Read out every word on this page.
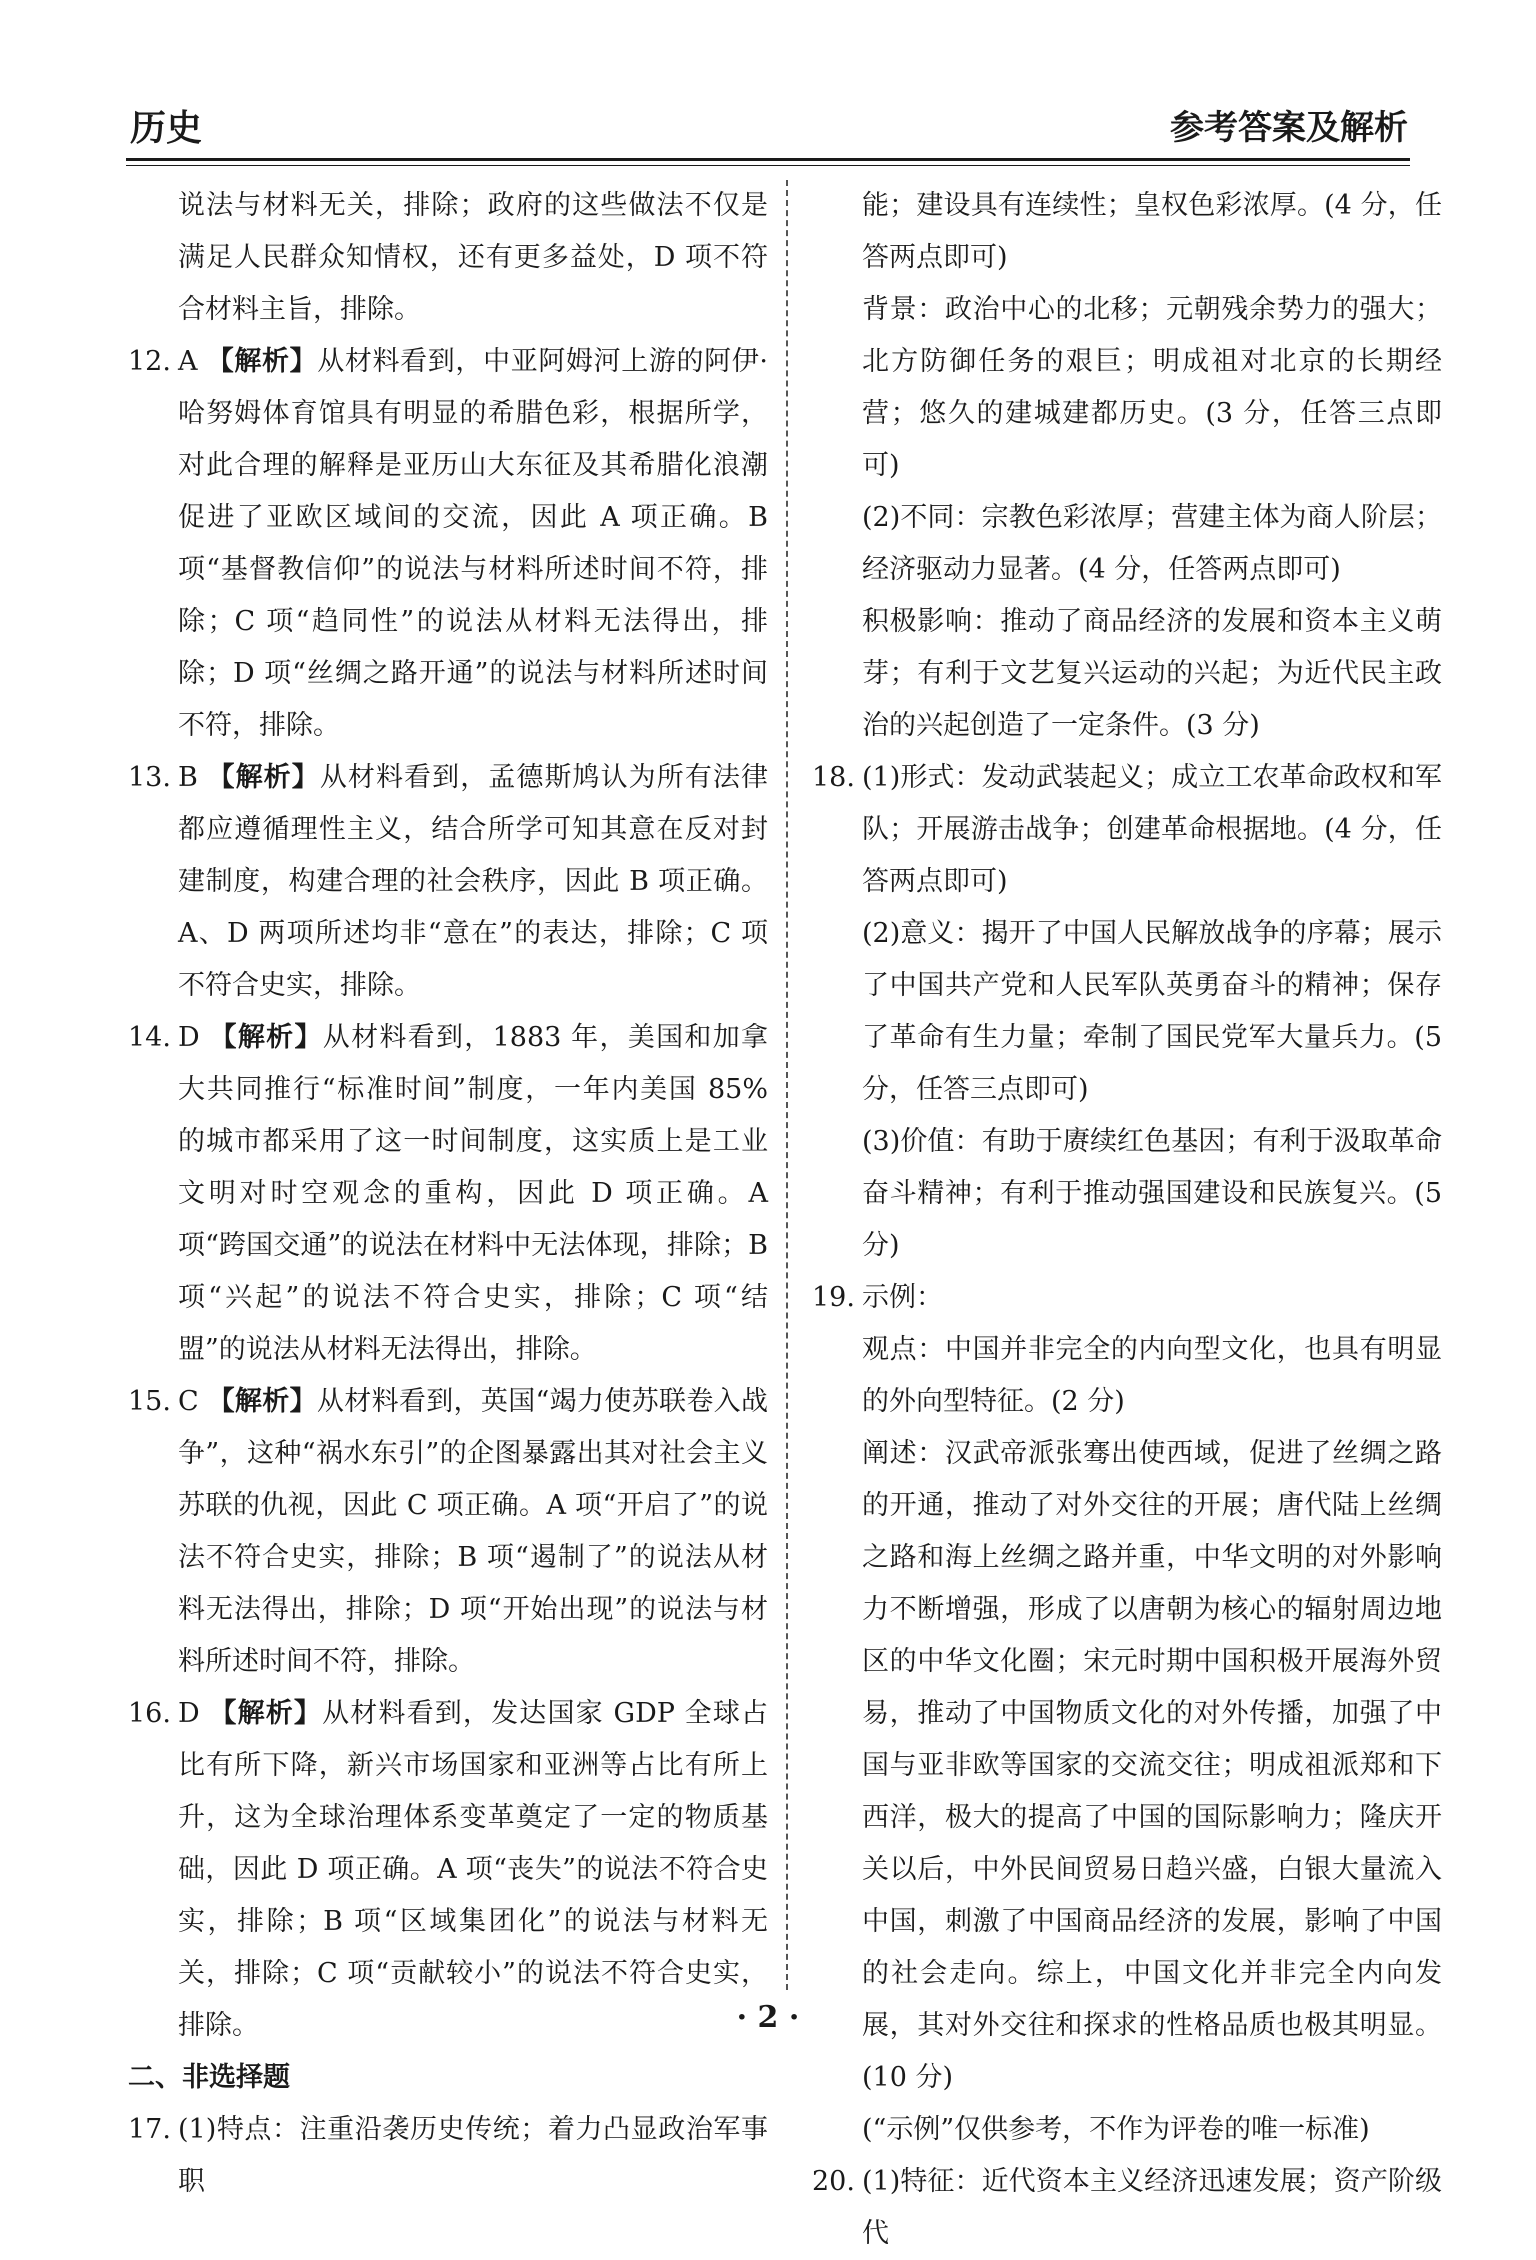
历史	参考答案及解析
说法与材料无关，排除；政府的这些做法不仅是满足人民群众知情权，还有更多益处，D 项不符合材料主旨，排除。
12. A 【解析】从材料看到，中亚阿姆河上游的阿伊·哈努姆体育馆具有明显的希腊色彩，根据所学，对此合理的解释是亚历山大东征及其希腊化浪潮促进了亚欧区域间的交流，因此 A 项正确。B 项“基督教信仰”的说法与材料所述时间不符，排除；C 项“趋同性”的说法从材料无法得出，排除；D 项“丝绸之路开通”的说法与材料所述时间不符，排除。
13. B 【解析】从材料看到，孟德斯鸠认为所有法律都应遵循理性主义，结合所学可知其意在反对封建制度，构建合理的社会秩序，因此 B 项正确。A、D 两项所述均非“意在”的表达，排除；C 项不符合史实，排除。
14. D 【解析】从材料看到，1883 年，美国和加拿大共同推行“标准时间”制度，一年内美国 85% 的城市都采用了这一时间制度，这实质上是工业文明对时空观念的重构，因此 D 项正确。A 项“跨国交通”的说法在材料中无法体现，排除；B 项“兴起”的说法不符合史实，排除；C 项“结盟”的说法从材料无法得出，排除。
15. C 【解析】从材料看到，英国“竭力使苏联卷入战争”，这种“祸水东引”的企图暴露出其对社会主义苏联的仇视，因此 C 项正确。A 项“开启了”的说法不符合史实，排除；B 项“遏制了”的说法从材料无法得出，排除；D 项“开始出现”的说法与材料所述时间不符，排除。
16. D 【解析】从材料看到，发达国家 GDP 全球占比有所下降，新兴市场国家和亚洲等占比有所上升，这为全球治理体系变革奠定了一定的物质基础，因此 D 项正确。A 项“丧失”的说法不符合史实，排除；B 项“区域集团化”的说法与材料无关，排除；C 项“贡献较小”的说法不符合史实，排除。
二、非选择题
17. (1)特点：注重沿袭历史传统；着力凸显政治军事职
能；建设具有连续性；皇权色彩浓厚。(4 分，任答两点即可)
背景：政治中心的北移；元朝残余势力的强大；北方防御任务的艰巨；明成祖对北京的长期经营；悠久的建城建都历史。(3 分，任答三点即可)
(2)不同：宗教色彩浓厚；营建主体为商人阶层；经济驱动力显著。(4 分，任答两点即可)
积极影响：推动了商品经济的发展和资本主义萌芽；有利于文艺复兴运动的兴起；为近代民主政治的兴起创造了一定条件。(3 分)
18. (1)形式：发动武装起义；成立工农革命政权和军队；开展游击战争；创建革命根据地。(4 分，任答两点即可)
(2)意义：揭开了中国人民解放战争的序幕；展示了中国共产党和人民军队英勇奋斗的精神；保存了革命有生力量；牵制了国民党军大量兵力。(5 分，任答三点即可)
(3)价值：有助于赓续红色基因；有利于汲取革命奋斗精神；有利于推动强国建设和民族复兴。(5 分)
19. 示例：
观点：中国并非完全的内向型文化，也具有明显的外向型特征。(2 分)
阐述：汉武帝派张骞出使西域，促进了丝绸之路的开通，推动了对外交往的开展；唐代陆上丝绸之路和海上丝绸之路并重，中华文明的对外影响力不断增强，形成了以唐朝为核心的辐射周边地区的中华文化圈；宋元时期中国积极开展海外贸易，推动了中国物质文化的对外传播，加强了中国与亚非欧等国家的交流交往；明成祖派郑和下西洋，极大的提高了中国的国际影响力；隆庆开关以后，中外民间贸易日趋兴盛，白银大量流入中国，刺激了中国商品经济的发展，影响了中国的社会走向。综上，中国文化并非完全内向发展，其对外交往和探求的性格品质也极其明显。(10 分)
(“示例”仅供参考，不作为评卷的唯一标准)
20. (1)特征：近代资本主义经济迅速发展；资产阶级代
· 2 ·
